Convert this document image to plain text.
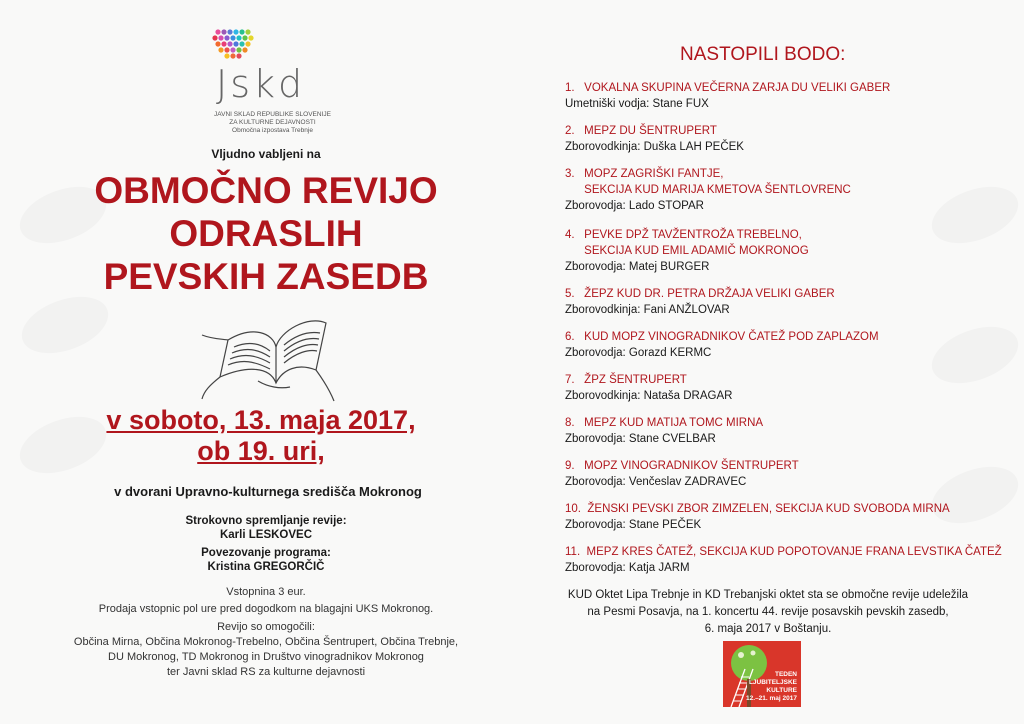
Jskd
JAVNI SKLAD REPUBLIKE SLOVENIJE
ZA KULTURNE DEJAVNOSTI
Območna izpostava Trebnje
Vljudno vabljeni na
OBMOČNO REVIJO
ODRASLIH
PEVSKIH ZASEDB
v soboto, 13. maja 2017,
ob 19. uri,
v dvorani Upravno-kulturnega središča Mokronog
Strokovno spremljanje revije:
Karli LESKOVEC
Povezovanje programa:
Kristina GREGORČIČ
Vstopnina 3 eur.
Prodaja vstopnic pol ure pred dogodkom na blagajni UKS Mokronog.
Revijo so omogočili:
Občina Mirna, Občina Mokronog-Trebelno, Občina Šentrupert, Občina Trebnje,
DU Mokronog, TD Mokronog in Društvo vinogradnikov Mokronog
ter Javni sklad RS za kulturne dejavnosti
NASTOPILI BODO:
1.   VOKALNA SKUPINA VEČERNA ZARJA DU VELIKI GABER
Umetniški vodja: Stane FUX
2.   MEPZ DU ŠENTRUPERT
Zborovodkinja: Duška LAH PEČEK
3.   MOPZ ZAGRIŠKI FANTJE,
SEKCIJA KUD MARIJA KMETOVA ŠENTLOVRENC
Zborovodja: Lado STOPAR
4.   PEVKE DPŽ TAVŽENTROŽA TREBELNO,
SEKCIJA KUD EMIL ADAMIČ MOKRONOG
Zborovodja: Matej BURGER
5.   ŽEPZ KUD DR. PETRA DRŽAJA VELIKI GABER
Zborovodkinja: Fani ANŽLOVAR
6.   KUD MOPZ VINOGRADNIKOV ČATEŽ POD ZAPLAZOM
Zborovodja: Gorazd KERMC
7.   ŽPZ ŠENTRUPERT
Zborovodkinja: Nataša DRAGAR
8.   MEPZ KUD MATIJA TOMC MIRNA
Zborovodja: Stane CVELBAR
9.   MOPZ VINOGRADNIKOV ŠENTRUPERT
Zborovodja: Venčeslav ZADRAVEC
10.  ŽENSKI PEVSKI ZBOR ZIMZELEN, SEKCIJA KUD SVOBODA MIRNA
Zborovodja: Stane PEČEK
11.  MEPZ KRES ČATEŽ, SEKCIJA KUD POPOTOVANJE FRANA LEVSTIKA ČATEŽ
Zborovodja: Katja JARM
KUD Oktet Lipa Trebnje in KD Trebanjski oktet sta se območne revije udeležila
na Pesmi Posavja, na 1. koncertu 44. revije posavskih pevskih zasedb,
6. maja 2017 v Boštanju.
TEDEN
LJUBITELJSKE
KULTURE
12.–21. maj 2017
